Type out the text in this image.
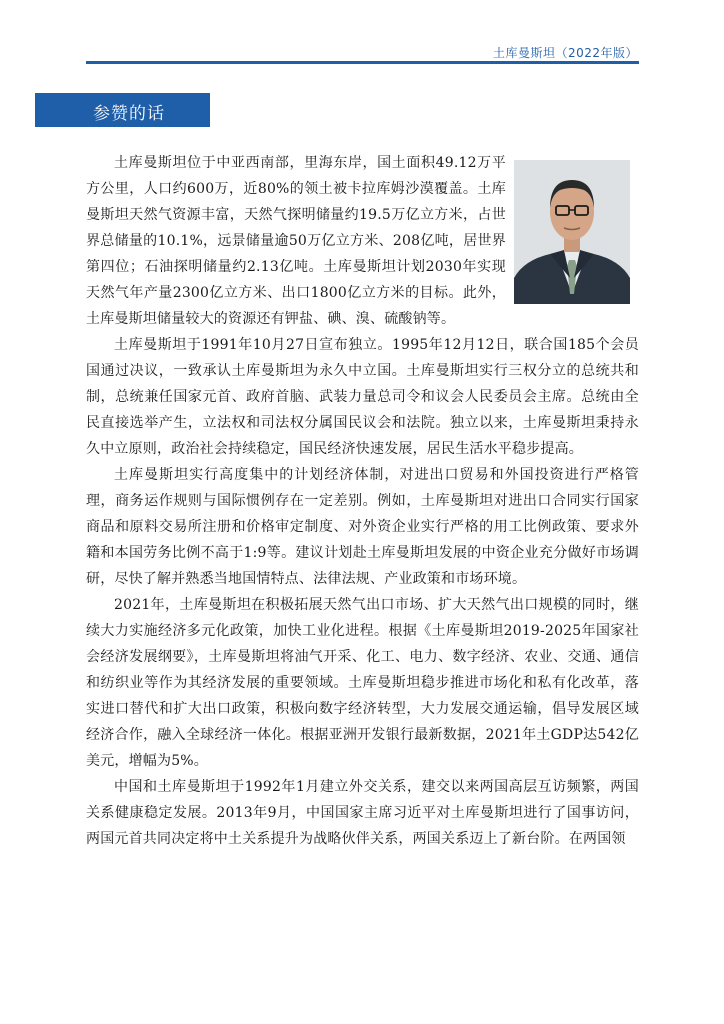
土库曼斯坦（2022年版）
参赞的话

土库曼斯坦位于中亚西南部，里海东岸，国土面积49.12万平方公里，人口约600万，近80%的领土被卡拉库姆沙漠覆盖。土库曼斯坦天然气资源丰富，天然气探明储量约19.5万亿立方米，占世界总储量的10.1%，远景储量逾50万亿立方米、208亿吨，居世界第四位；石油探明储量约2.13亿吨。土库曼斯坦计划2030年实现天然气年产量2300亿立方米、出口1800亿立方米的目标。此外，土库曼斯坦储量较大的资源还有钾盐、碘、溴、硫酸钠等。

土库曼斯坦于1991年10月27日宣布独立。1995年12月12日，联合国185个会员国通过决议，一致承认土库曼斯坦为永久中立国。土库曼斯坦实行三权分立的总统共和制，总统兼任国家元首、政府首脑、武装力量总司令和议会人民委员会主席。总统由全民直接选举产生，立法权和司法权分属国民议会和法院。独立以来，土库曼斯坦秉持永久中立原则，政治社会持续稳定，国民经济快速发展，居民生活水平稳步提高。

土库曼斯坦实行高度集中的计划经济体制，对进出口贸易和外国投资进行严格管理，商务运作规则与国际惯例存在一定差别。例如，土库曼斯坦对进出口合同实行国家商品和原料交易所注册和价格审定制度、对外资企业实行严格的用工比例政策、要求外籍和本国劳务比例不高于1:9等。建议计划赴土库曼斯坦发展的中资企业充分做好市场调研，尽快了解并熟悉当地国情特点、法律法规、产业政策和市场环境。

2021年，土库曼斯坦在积极拓展天然气出口市场、扩大天然气出口规模的同时，继续大力实施经济多元化政策，加快工业化进程。根据《土库曼斯坦2019-2025年国家社会经济发展纲要》，土库曼斯坦将油气开采、化工、电力、数字经济、农业、交通、通信和纺织业等作为其经济发展的重要领域。土库曼斯坦稳步推进市场化和私有化改革，落实进口替代和扩大出口政策，积极向数字经济转型，大力发展交通运输，倡导发展区域经济合作，融入全球经济一体化。根据亚洲开发银行最新数据，2021年土GDP达542亿美元，增幅为5%。

中国和土库曼斯坦于1992年1月建立外交关系，建交以来两国高层互访频繁，两国关系健康稳定发展。2013年9月，中国国家主席习近平对土库曼斯坦进行了国事访问，两国元首共同决定将中土关系提升为战略伙伴关系，两国关系迈上了新台阶。在两国领
